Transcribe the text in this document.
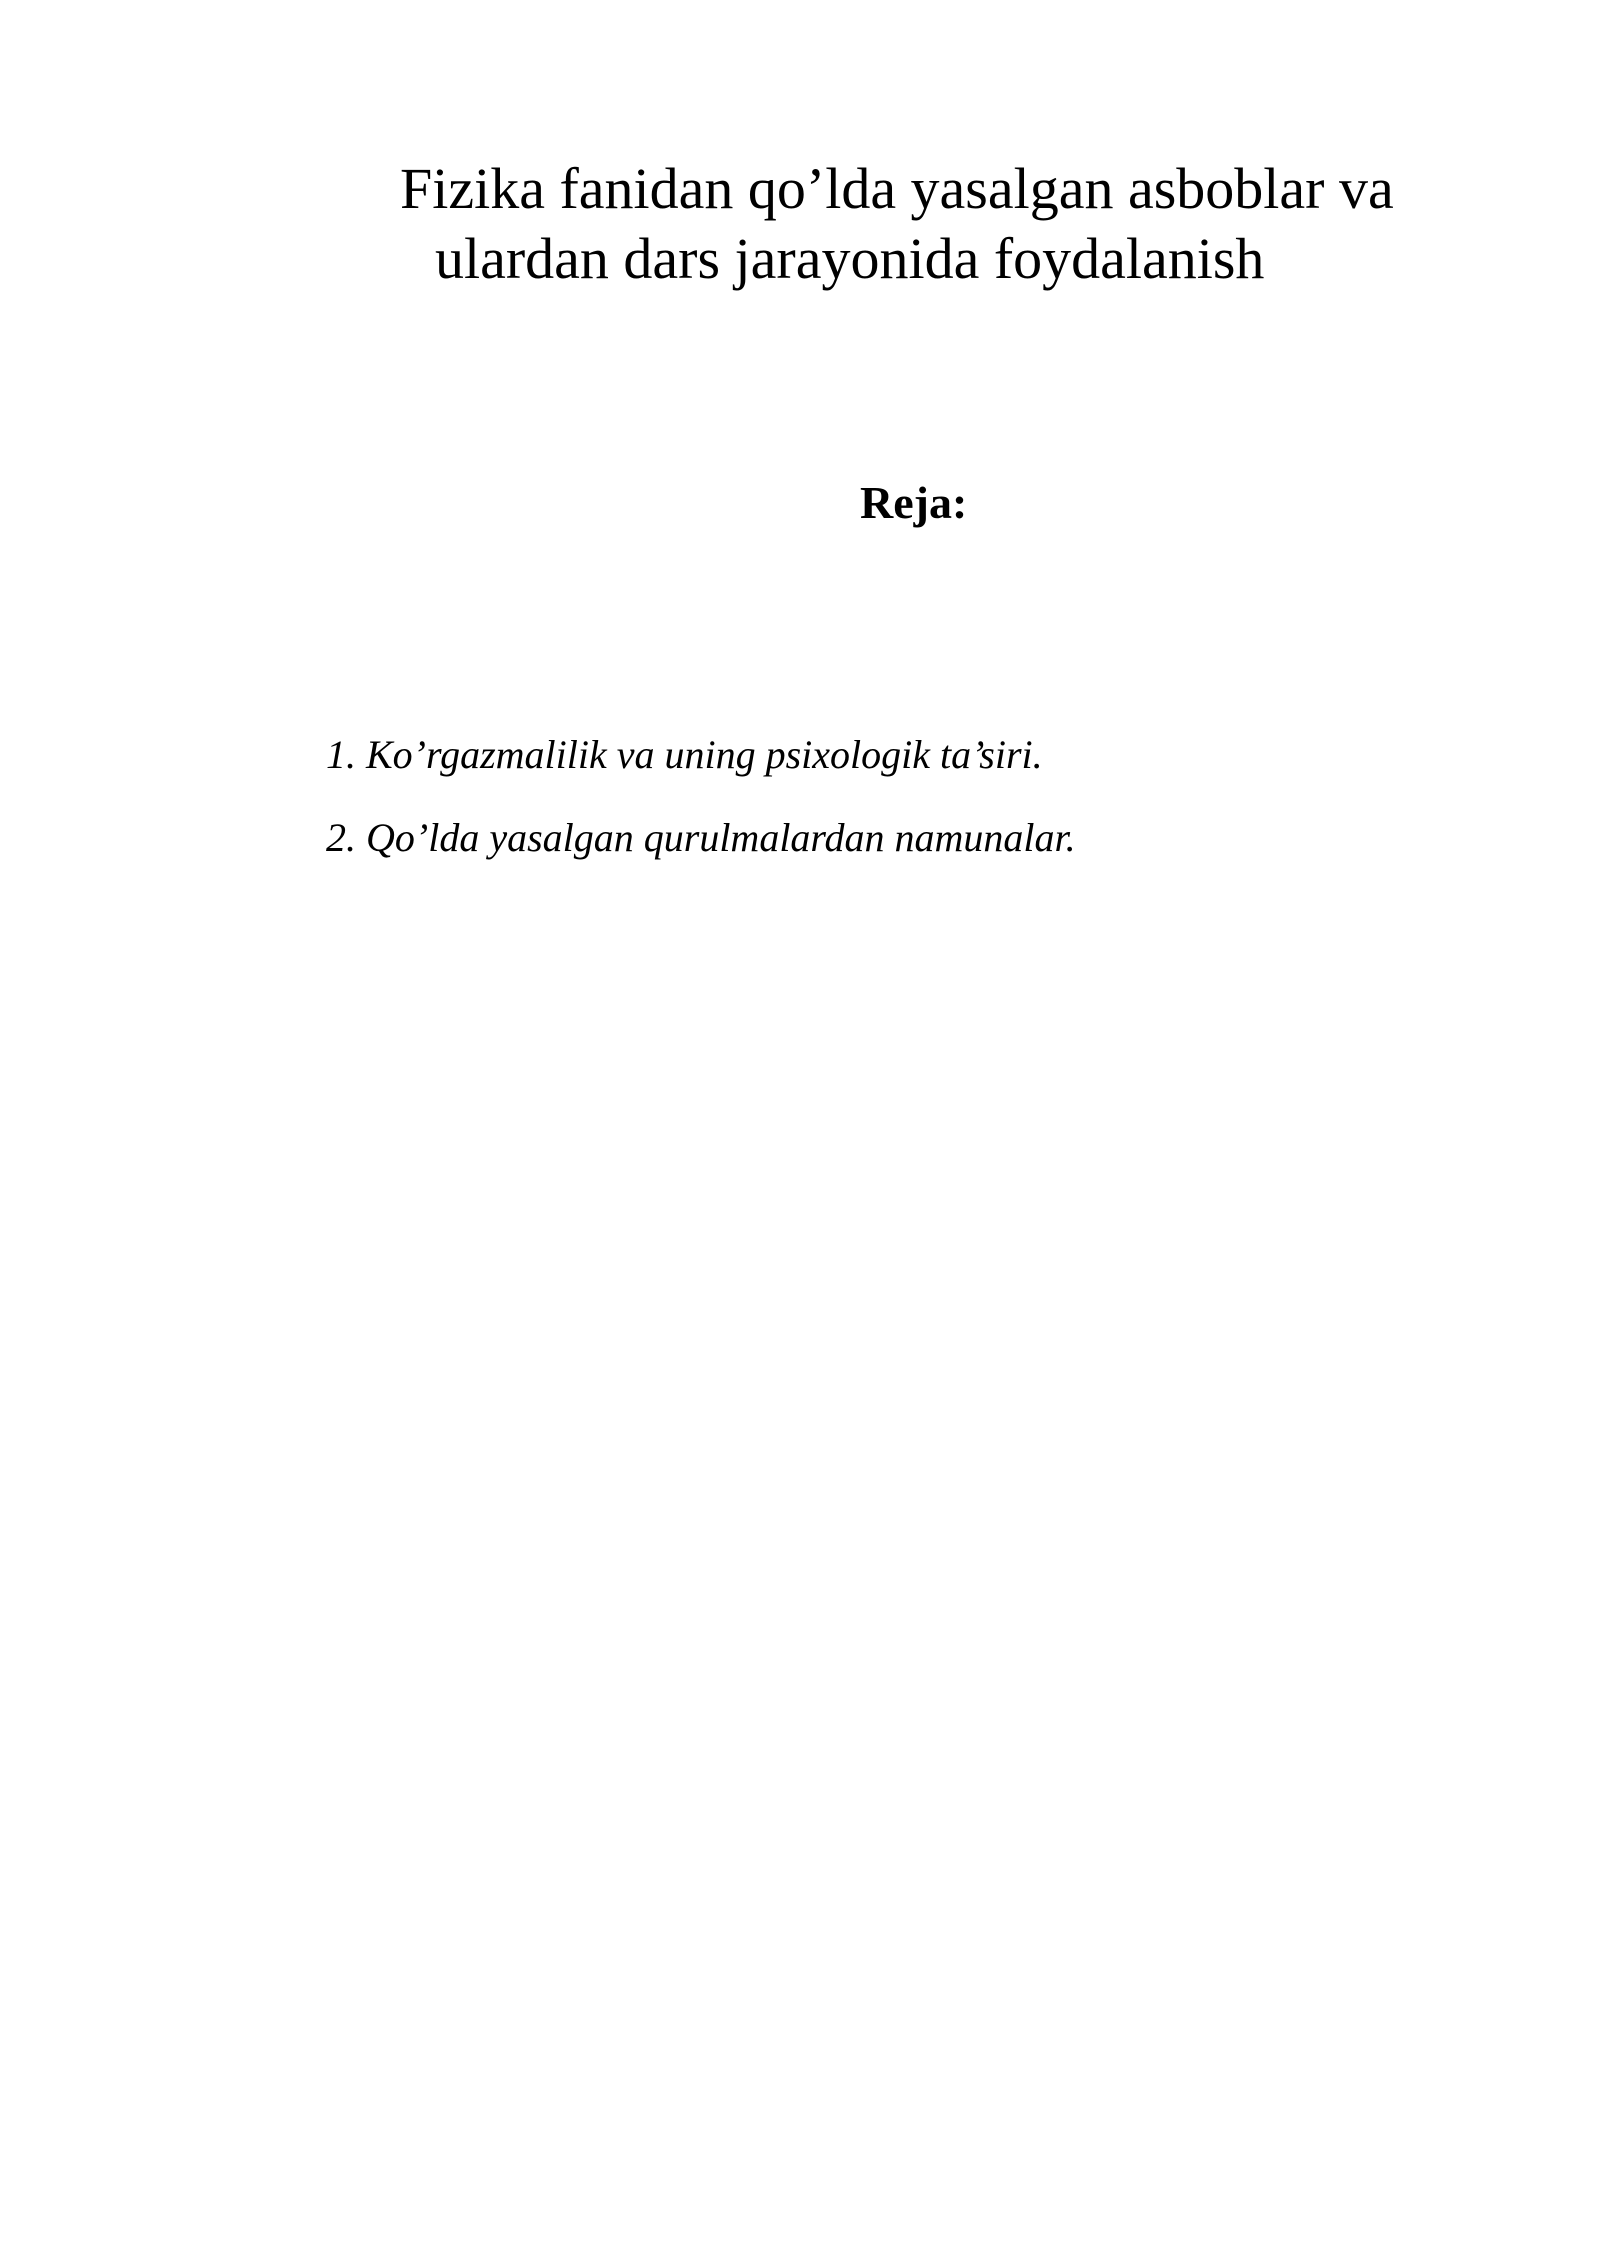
Fizika fanidan qo’lda yasalgan asboblar va
ulardan dars jarayonida foydalanish
Reja:
1. Ko’rgazmalilik va uning psixologik ta’siri.
2. Qo’lda yasalgan qurulmalardan namunalar.
